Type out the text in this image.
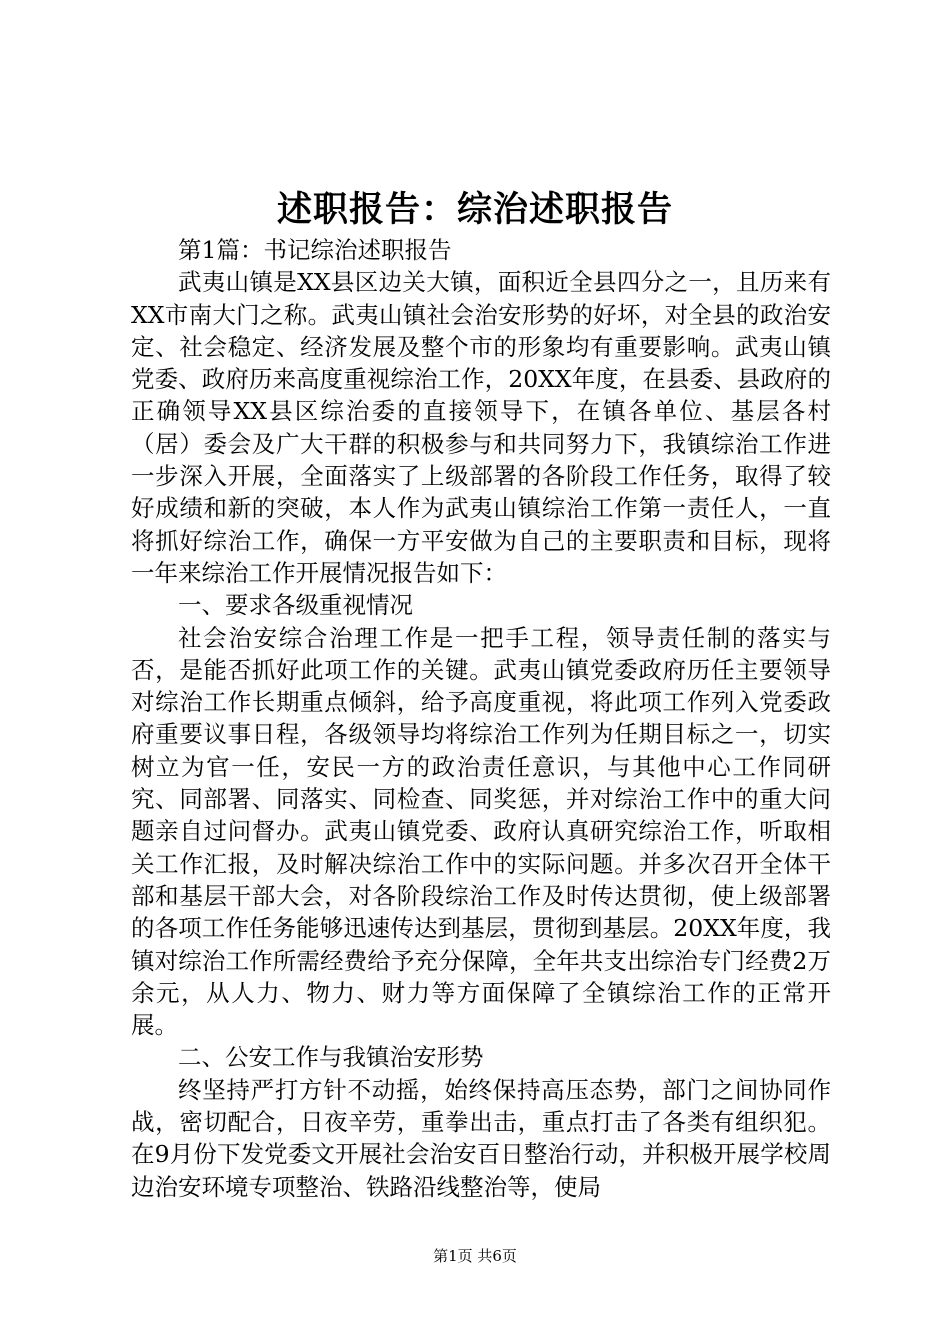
述职报告：综治述职报告

第1篇：书记综治述职报告

武夷山镇是XX县区边关大镇，面积近全县四分之一，且历来有XX市南大门之称。武夷山镇社会治安形势的好坏，对全县的政治安定、社会稳定、经济发展及整个市的形象均有重要影响。武夷山镇党委、政府历来高度重视综治工作，20XX年度，在县委、县政府的正确领导XX县区综治委的直接领导下，在镇各单位、基层各村（居）委会及广大干群的积极参与和共同努力下，我镇综治工作进一步深入开展，全面落实了上级部署的各阶段工作任务，取得了较好成绩和新的突破，本人作为武夷山镇综治工作第一责任人，一直将抓好综治工作，确保一方平安做为自己的主要职责和目标，现将一年来综治工作开展情况报告如下：

一、要求各级重视情况

社会治安综合治理工作是一把手工程，领导责任制的落实与否，是能否抓好此项工作的关键。武夷山镇党委政府历任主要领导对综治工作长期重点倾斜，给予高度重视，将此项工作列入党委政府重要议事日程，各级领导均将综治工作列为任期目标之一，切实树立为官一任，安民一方的政治责任意识，与其他中心工作同研究、同部署、同落实、同检查、同奖惩，并对综治工作中的重大问题亲自过问督办。武夷山镇党委、政府认真研究综治工作，听取相关工作汇报，及时解决综治工作中的实际问题。并多次召开全体干部和基层干部大会，对各阶段综治工作及时传达贯彻，使上级部署的各项工作任务能够迅速传达到基层，贯彻到基层。20XX年度，我镇对综治工作所需经费给予充分保障，全年共支出综治专门经费2万余元，从人力、物力、财力等方面保障了全镇综治工作的正常开展。

二、公安工作与我镇治安形势

终坚持严打方针不动摇，始终保持高压态势，部门之间协同作战，密切配合，日夜辛劳，重拳出击，重点打击了各类有组织犯。在9月份下发党委文开展社会治安百日整治行动，并积极开展学校周边治安环境专项整治、铁路沿线整治等，使局

第1页 共6页
